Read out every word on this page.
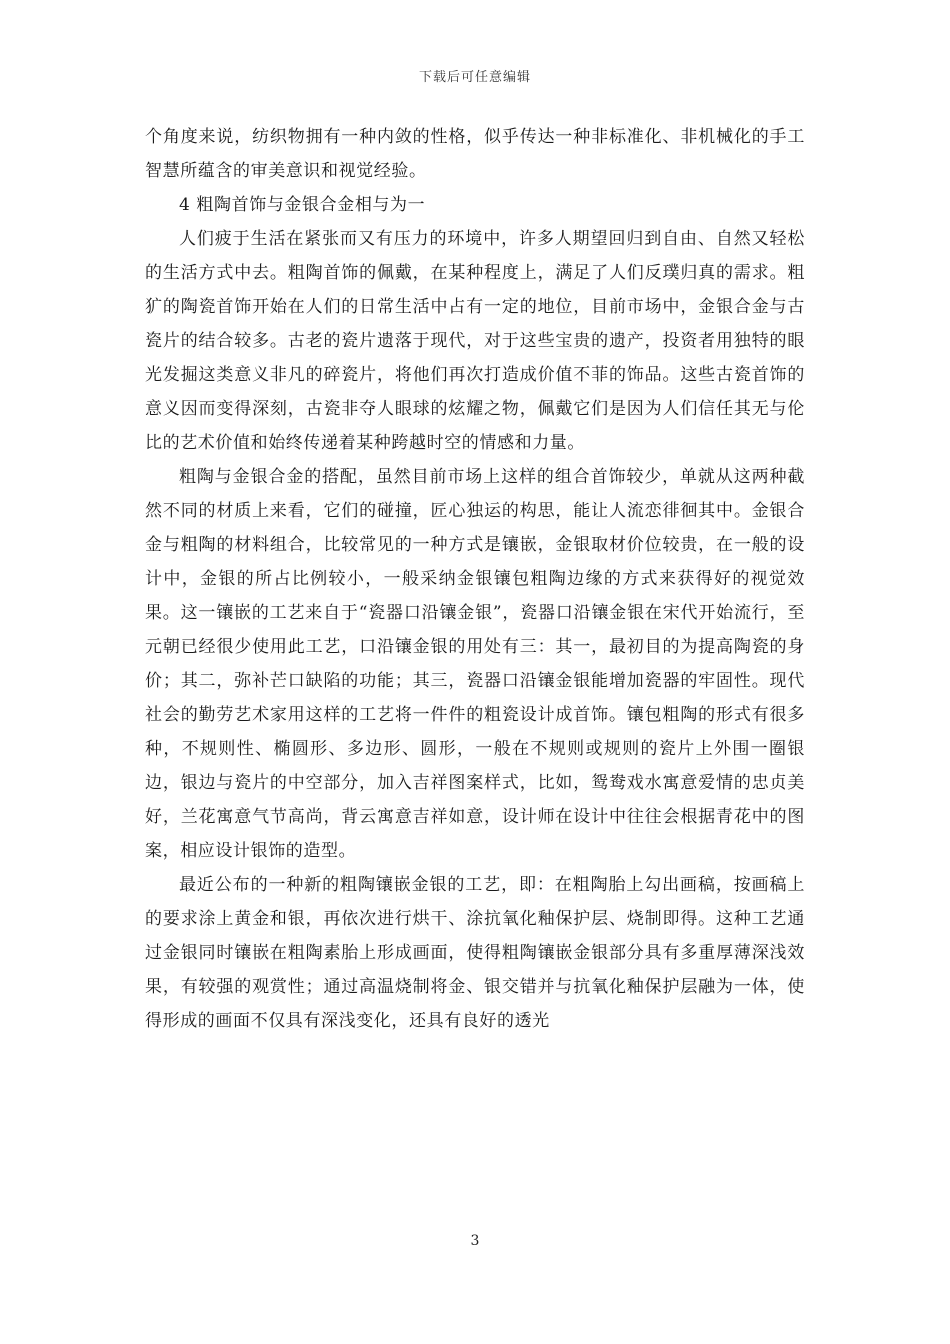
下载后可任意编辑

个角度来说，纺织物拥有一种内敛的性格，似乎传达一种非标准化、非机械化的手工智慧所蕴含的审美意识和视觉经验。

4 粗陶首饰与金银合金相与为一

人们疲于生活在紧张而又有压力的环境中，许多人期望回归到自由、自然又轻松的生活方式中去。粗陶首饰的佩戴，在某种程度上，满足了人们反璞归真的需求。粗犷的陶瓷首饰开始在人们的日常生活中占有一定的地位，目前市场中，金银合金与古瓷片的结合较多。古老的瓷片遗落于现代，对于这些宝贵的遗产，投资者用独特的眼光发掘这类意义非凡的碎瓷片，将他们再次打造成价值不菲的饰品。这些古瓷首饰的意义因而变得深刻，古瓷非夺人眼球的炫耀之物，佩戴它们是因为人们信任其无与伦比的艺术价值和始终传递着某种跨越时空的情感和力量。

粗陶与金银合金的搭配，虽然目前市场上这样的组合首饰较少，单就从这两种截然不同的材质上来看，它们的碰撞，匠心独运的构思，能让人流恋徘徊其中。金银合金与粗陶的材料组合，比较常见的一种方式是镶嵌，金银取材价位较贵，在一般的设计中，金银的所占比例较小，一般采纳金银镶包粗陶边缘的方式来获得好的视觉效果。这一镶嵌的工艺来自于“瓷器口沿镶金银”，瓷器口沿镶金银在宋代开始流行，至元朝已经很少使用此工艺，口沿镶金银的用处有三：其一，最初目的为提高陶瓷的身价；其二，弥补芒口缺陷的功能；其三，瓷器口沿镶金银能增加瓷器的牢固性。现代社会的勤劳艺术家用这样的工艺将一件件的粗瓷设计成首饰。镶包粗陶的形式有很多种，不规则性、椭圆形、多边形、圆形，一般在不规则或规则的瓷片上外围一圈银边，银边与瓷片的中空部分，加入吉祥图案样式，比如，鸳鸯戏水寓意爱情的忠贞美好，兰花寓意气节高尚，背云寓意吉祥如意，设计师在设计中往往会根据青花中的图案，相应设计银饰的造型。

最近公布的一种新的粗陶镶嵌金银的工艺，即：在粗陶胎上勾出画稿，按画稿上的要求涂上黄金和银，再依次进行烘干、涂抗氧化釉保护层、烧制即得。这种工艺通过金银同时镶嵌在粗陶素胎上形成画面，使得粗陶镶嵌金银部分具有多重厚薄深浅效果，有较强的观赏性；通过高温烧制将金、银交错并与抗氧化釉保护层融为一体，使得形成的画面不仅具有深浅变化，还具有良好的透光

3
